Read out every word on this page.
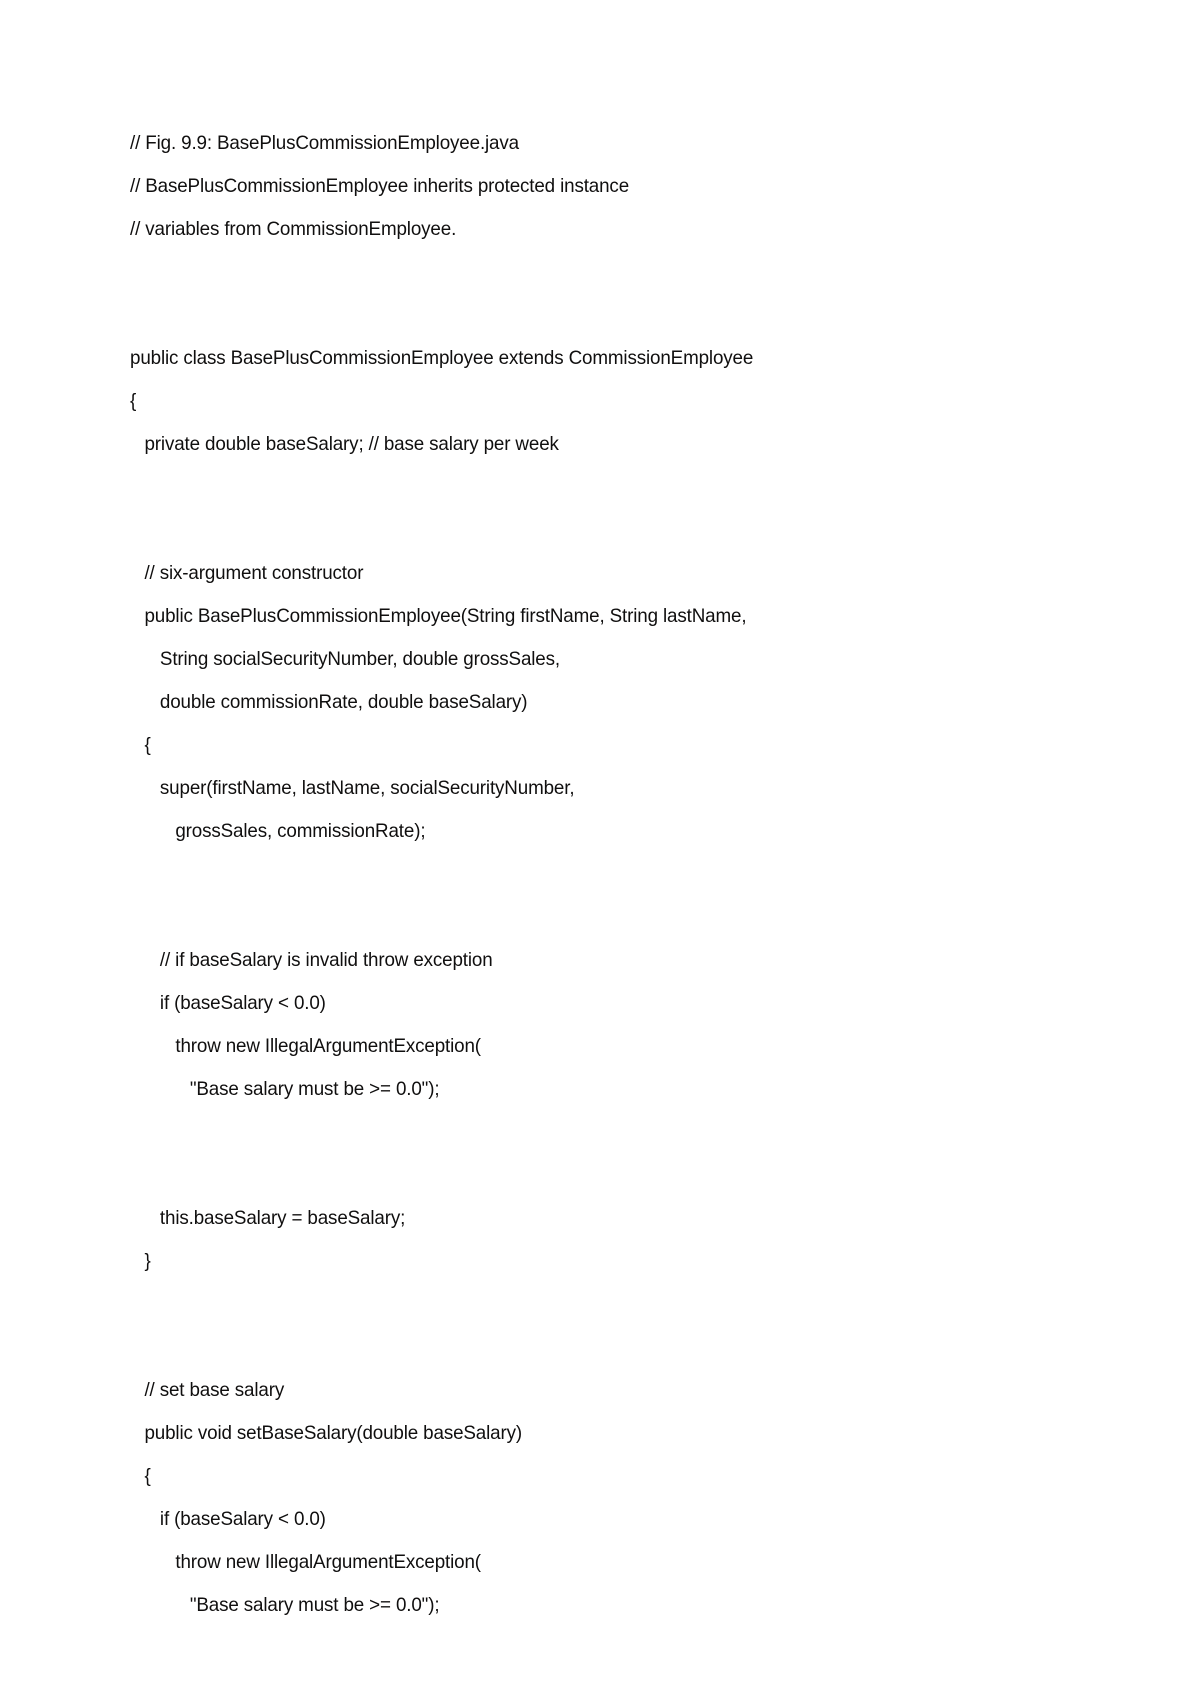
// Fig. 9.9: BasePlusCommissionEmployee.java
// BasePlusCommissionEmployee inherits protected instance
// variables from CommissionEmployee.
public class BasePlusCommissionEmployee extends CommissionEmployee
{
private double baseSalary; // base salary per week
// six-argument constructor
public BasePlusCommissionEmployee(String firstName, String lastName,
String socialSecurityNumber, double grossSales,
double commissionRate, double baseSalary)
{
super(firstName, lastName, socialSecurityNumber,
grossSales, commissionRate);
// if baseSalary is invalid throw exception
if (baseSalary < 0.0)
throw new IllegalArgumentException(
"Base salary must be >= 0.0");
this.baseSalary = baseSalary;
}
// set base salary
public void setBaseSalary(double baseSalary)
{
if (baseSalary < 0.0)
throw new IllegalArgumentException(
"Base salary must be >= 0.0");
